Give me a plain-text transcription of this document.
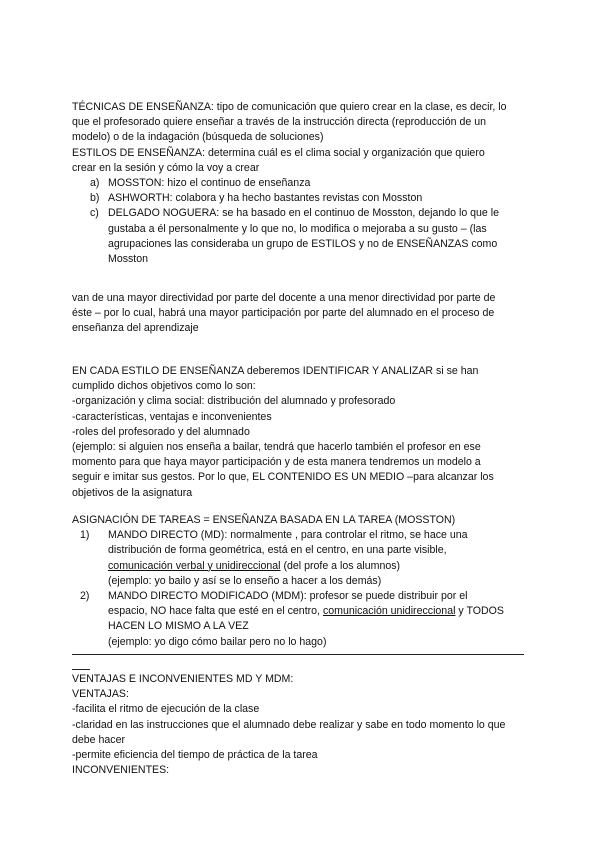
TÉCNICAS DE ENSEÑANZA: tipo de comunicación que quiero crear en la clase, es decir, lo
que el profesorado quiere enseñar a través de la instrucción directa (reproducción de un
modelo) o de la indagación (búsqueda de soluciones)
ESTILOS DE ENSEÑANZA: determina cuál es el clima social y organización que quiero
crear en la sesión y cómo la voy a crear
a) MOSSTON: hizo el continuo de enseñanza
b) ASHWORTH: colabora y ha hecho bastantes revistas con Mosston
c) DELGADO NOGUERA: se ha basado en el continuo de Mosston, dejando lo que le
gustaba a él personalmente y lo que no, lo modifica o mejoraba a su gusto – (las
agrupaciones las consideraba un grupo de ESTILOS y no de ENSEÑANZAS como
Mosston
van de una mayor directividad por parte del docente a una menor directividad por parte de
éste – por lo cual, habrá una mayor participación por parte del alumnado en el proceso de
enseñanza del aprendizaje
EN CADA ESTILO DE ENSEÑANZA deberemos IDENTIFICAR Y ANALIZAR si se han
cumplido dichos objetivos como lo son:
-organización y clima social: distribución del alumnado y profesorado
-características, ventajas e inconvenientes
-roles del profesorado y del alumnado
(ejemplo: si alguien nos enseña a bailar, tendrá que hacerlo también el profesor en ese
momento para que haya mayor participación y de esta manera tendremos un modelo a
seguir e imitar sus gestos. Por lo que, EL CONTENIDO ES UN MEDIO –para alcanzar los
objetivos de la asignatura
ASIGNACIÓN DE TAREAS = ENSEÑANZA BASADA EN LA TAREA (MOSSTON)
1) MANDO DIRECTO (MD): normalmente , para controlar el ritmo, se hace una
distribución de forma geométrica, está en el centro, en una parte visible,
comunicación verbal y unidireccional (del profe a los alumnos)
(ejemplo: yo bailo y así se lo enseño a hacer a los demás)
2) MANDO DIRECTO MODIFICADO (MDM): profesor se puede distribuir por el
espacio, NO hace falta que esté en el centro, comunicación unidireccional y TODOS
HACEN LO MISMO A LA VEZ
(ejemplo: yo digo cómo bailar pero no lo hago)
VENTAJAS E INCONVENIENTES MD Y MDM:
VENTAJAS:
-facilita el ritmo de ejecución de la clase
-claridad en las instrucciones que el alumnado debe realizar y sabe en todo momento lo que
debe hacer
-permite eficiencia del tiempo de práctica de la tarea
INCONVENIENTES:
